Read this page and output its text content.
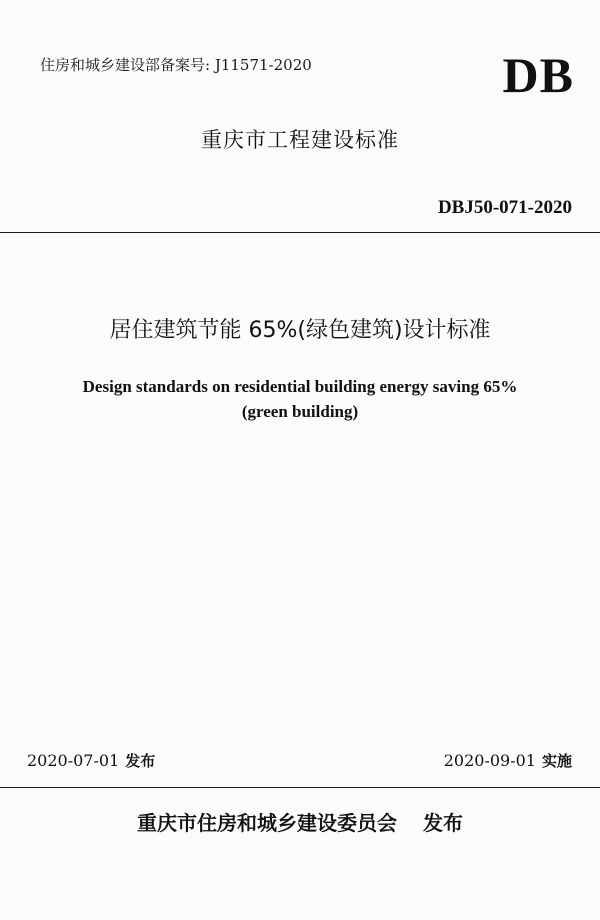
住房和城乡建设部备案号: J11571-2020	DB
重庆市工程建设标准
DBJ50-071-2020
居住建筑节能 65%(绿色建筑)设计标准
Design standards on residential building energy saving 65%
(green building)
2020-07-01 发布	2020-09-01 实施
重庆市住房和城乡建设委员会 发布
